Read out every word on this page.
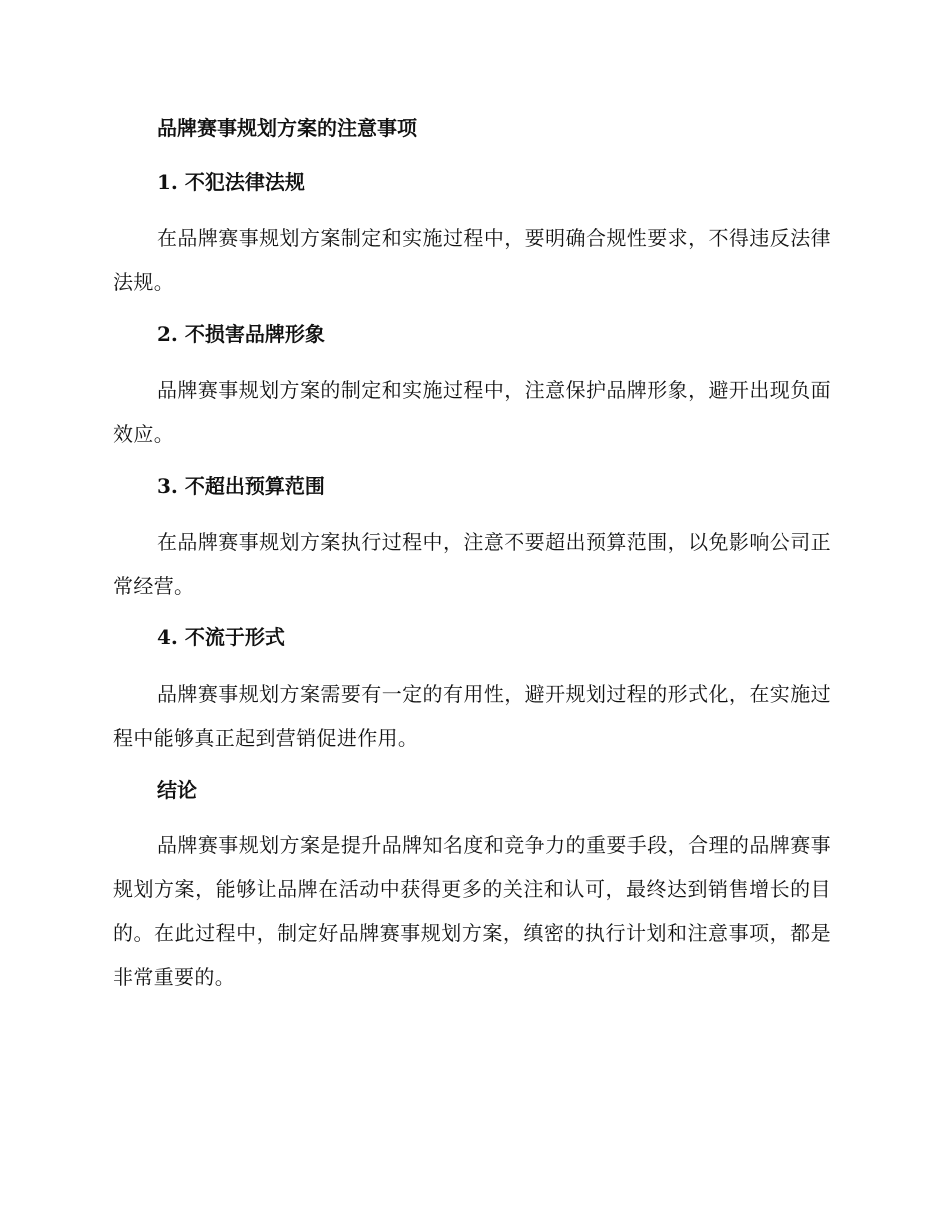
品牌赛事规划方案的注意事项
1. 不犯法律法规

在品牌赛事规划方案制定和实施过程中，要明确合规性要求，不得违反法律法规。

2. 不损害品牌形象

品牌赛事规划方案的制定和实施过程中，注意保护品牌形象，避开出现负面效应。

3. 不超出预算范围

在品牌赛事规划方案执行过程中，注意不要超出预算范围，以免影响公司正常经营。

4. 不流于形式

品牌赛事规划方案需要有一定的有用性，避开规划过程的形式化，在实施过程中能够真正起到营销促进作用。

结论

品牌赛事规划方案是提升品牌知名度和竞争力的重要手段，合理的品牌赛事规划方案，能够让品牌在活动中获得更多的关注和认可，最终达到销售增长的目的。在此过程中，制定好品牌赛事规划方案，缜密的执行计划和注意事项，都是非常重要的。
